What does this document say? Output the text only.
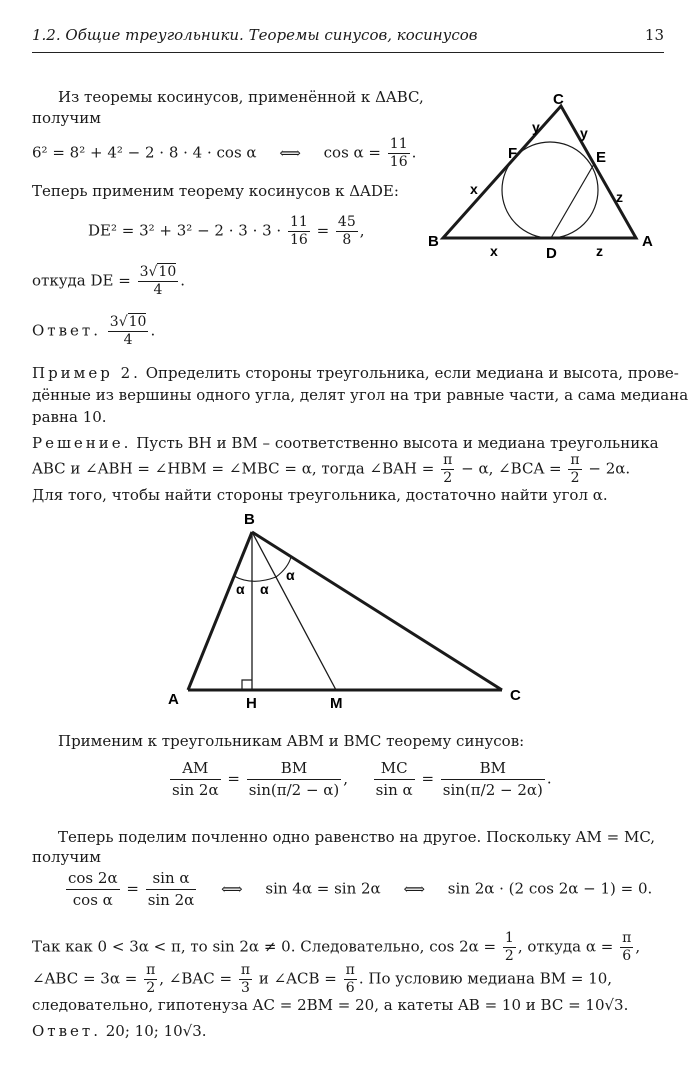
1.2. Общие треугольники. Теоремы синусов, косинусов	13
Из теоремы косинусов, применённой к ΔABC,
получим
6² = 8² + 4² − 2 · 8 · 4 · cos α ⟺ $\cos \alpha = \frac{11}{16}$ .
Теперь применим теорему косинусов к ΔADE:
$DE^2 = 3^2 + 3^2 - 2 \cdot 3 \cdot 3 \cdot \frac{11}{16} = \frac{45}{8}$ ,
откуда DE = $\frac{3√10}{4}$ .
Ответ. $\frac{3√10}{4}$ .
C
B	A
D
E
F
y	y
x
x
z
z
Пример 2. Определить стороны треугольника, если медиана и высота, прове-
дённые из вершины одного угла, делят угол на три равные части, а сама медиана
равна 10.
Решение. Пусть BH и BM – соответственно высота и медиана треугольника
ABC и ∠ABH = ∠HBM = ∠MBC = α, тогда ∠BAH = $\frac{\pi}{2} - \alpha$, ∠BCA = $\frac{\pi}{2} - 2\alpha$.
Для того, чтобы найти стороны треугольника, достаточно найти угол α.
B
A	C
H	M
α α
α
Применим к треугольникам ABM и BMC теорему синусов:
$\frac{AM}{\sin 2\alpha} = \frac{BM}{\sin(\pi/2 - \alpha)}$ , $\frac{MC}{\text{sin α}} = \frac{BM}{\sin(\pi/2 - 2\alpha)}$ .
Теперь поделим почленно одно равенство на другое. Поскольку AM = MC,
получим
$\frac{\cos 2\alpha}{\text{cos α}} = \frac{\text{sin α}}{\sin 2\alpha}$ ⟺ sin 4α = sin 2α ⟺ sin 2α · (2 cos 2α − 1) = 0.
Так как 0 < 3α < π, то sin 2α ≠ 0. Следовательно, $\cos 2\alpha = \frac{1}{2}$ , откуда $\alpha = \frac{\pi}{6}$ ,
∠ABC = $3\alpha = \frac{\pi}{2}$ , ∠BAC = $\frac{\pi}{3}$ и ∠ACB = $\frac{\pi}{6}$ . По условию медиана BM = 10,
следовательно, гипотенуза AC = 2BM = 20, а катеты AB = 10 и BC = 10√3.
Ответ. 20; 10; 10√3.
